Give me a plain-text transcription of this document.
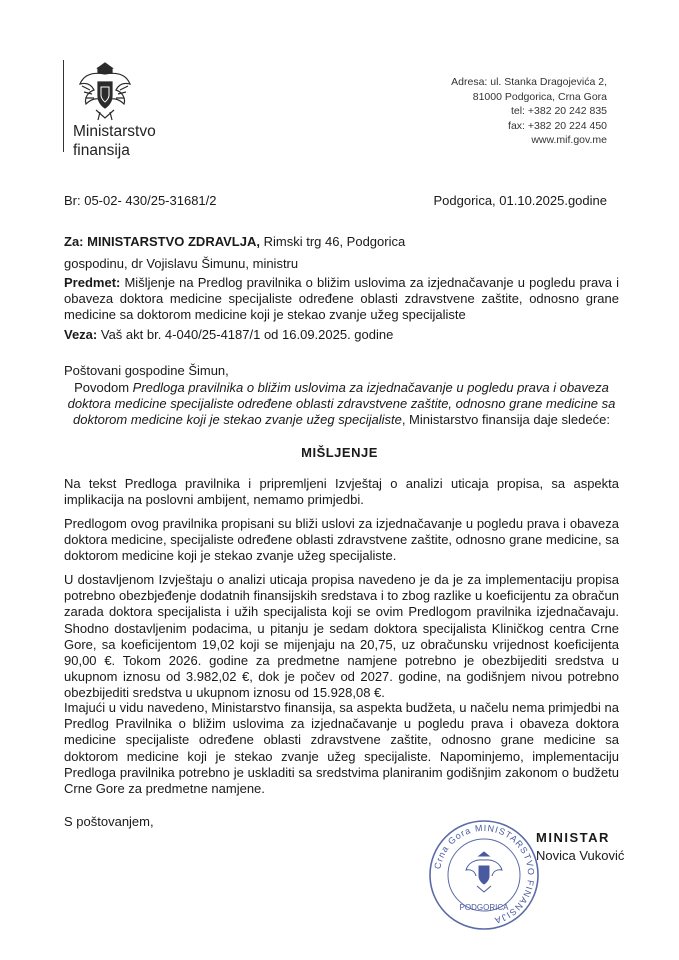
Ministarstvo
finansija
Adresa: ul. Stanka Dragojevića 2,
81000 Podgorica, Crna Gora
tel: +382 20 242 835
fax: +382 20 224 450
www.mif.gov.me
Br: 05-02- 430/25-31681/2	Podgorica, 01.10.2025.godine
Za: MINISTARSTVO ZDRAVLJA, Rimski trg 46, Podgorica
gospodinu, dr Vojislavu Šimunu, ministru
Predmet: Mišljenje na Predlog pravilnika o bližim uslovima za izjednačavanje u pogledu prava i obaveza doktora medicine specijaliste određene oblasti zdravstvene zaštite, odnosno grane medicine sa doktorom medicine koji je stekao zvanje užeg specijaliste
Veza: Vaš akt br. 4-040/25-4187/1 od 16.09.2025. godine
Poštovani gospodine Šimun,
Povodom Predloga pravilnika o bližim uslovima za izjednačavanje u pogledu prava i obaveza doktora medicine specijaliste određene oblasti zdravstvene zaštite, odnosno grane medicine sa doktorom medicine koji je stekao zvanje užeg specijaliste, Ministarstvo finansija daje sledeće:
MIŠLJENJE
Na tekst Predloga pravilnika i pripremljeni Izvještaj o analizi uticaja propisa, sa aspekta implikacija na poslovni ambijent, nemamo primjedbi.
Predlogom ovog pravilnika propisani su bliži uslovi za izjednačavanje u pogledu prava i obaveza doktora medicine, specijaliste određene oblasti zdravstvene zaštite, odnosno grane medicine, sa doktorom medicine koji je stekao zvanje užeg specijaliste.
U dostavljenom Izvještaju o analizi uticaja propisa navedeno je da je za implementaciju propisa potrebno obezbjeđenje dodatnih finansijskih sredstava i to zbog razlike u koeficijentu za obračun zarada doktora specijalista i užih specijalista koji se ovim Predlogom pravilnika izjednačavaju. Shodno dostavljenim podacima, u pitanju je sedam doktora specijalista Kliničkog centra Crne Gore, sa koeficijentom 19,02 koji se mijenjaju na 20,75, uz obračunsku vrijednost koeficijenta 90,00 €. Tokom 2026. godine za predmetne namjene potrebno je obezbijediti sredstva u ukupnom iznosu od 3.982,02 €, dok je počev od 2027. godine, na godišnjem nivou potrebno obezbijediti sredstva u ukupnom iznosu od 15.928,08 €.
Imajući u vidu navedeno, Ministarstvo finansija, sa aspekta budžeta, u načelu nema primjedbi na Predlog Pravilnika o bližim uslovima za izjednačavanje u pogledu prava i obaveza doktora medicine specijaliste određene oblasti zdravstvene zaštite, odnosno grane medicine sa doktorom medicine koji je stekao zvanje užeg specijaliste. Napominjemo, implementaciju Predloga pravilnika potrebno je uskladiti sa sredstvima planiranim godišnjim zakonom o budžetu Crne Gore za predmetne namjene.
S poštovanjem,
Crna Gora MINISTARSTVO FINANSIJA
PODGORICA
MINISTAR
Novica Vuković
